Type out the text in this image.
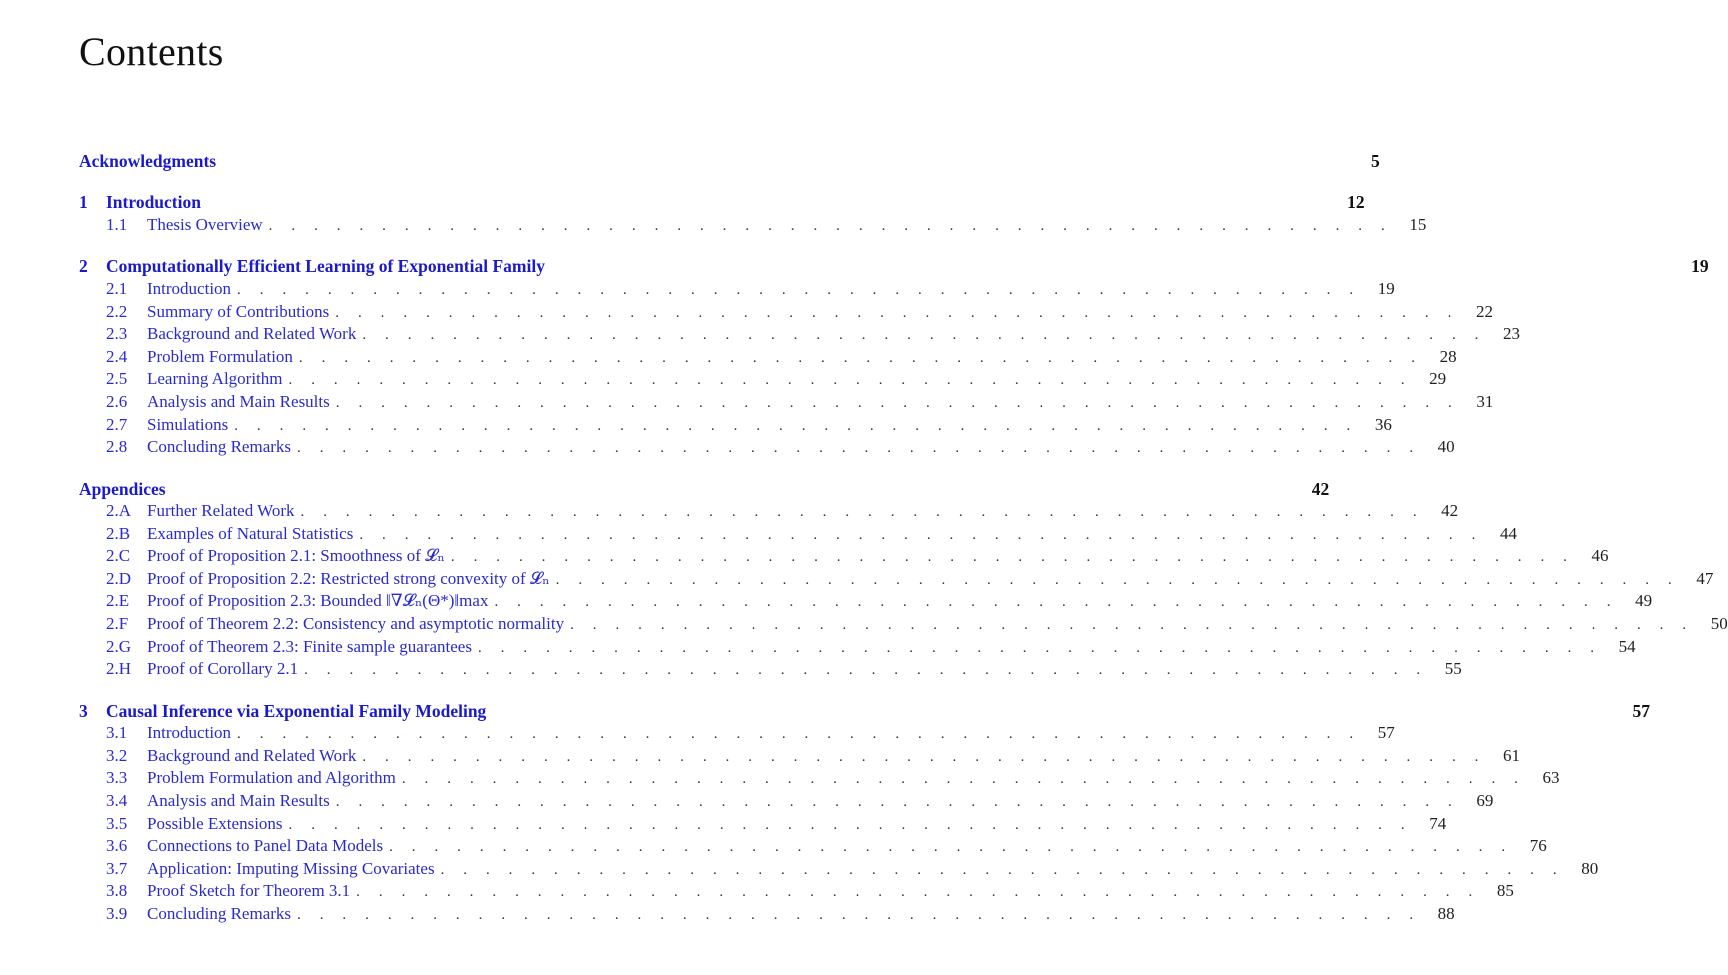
Contents
Acknowledgments	5
1	Introduction	12
1.1	Thesis Overview . . . . . . . . . . . . . . . . . . . . . . . . . . . . . . . . . . . . . . . . . . . . . . . . . .	15
2	Computationally Efficient Learning of Exponential Family	19
2.1	Introduction . . . . . . . . . . . . . . . . . . . . . . . . . . . . . . . . . . . . . . . . . . . . . . . . . .	19
2.2	Summary of Contributions . . . . . . . . . . . . . . . . . . . . . . . . . . . . . . . . . . . . . . . . . . . . . . . . . .	22
2.3	Background and Related Work . . . . . . . . . . . . . . . . . . . . . . . . . . . . . . . . . . . . . . . . . . . . . . . . . .	23
2.4	Problem Formulation . . . . . . . . . . . . . . . . . . . . . . . . . . . . . . . . . . . . . . . . . . . . . . . . . .	28
2.5	Learning Algorithm . . . . . . . . . . . . . . . . . . . . . . . . . . . . . . . . . . . . . . . . . . . . . . . . . .	29
2.6	Analysis and Main Results . . . . . . . . . . . . . . . . . . . . . . . . . . . . . . . . . . . . . . . . . . . . . . . . . .	31
2.7	Simulations . . . . . . . . . . . . . . . . . . . . . . . . . . . . . . . . . . . . . . . . . . . . . . . . . .	36
2.8	Concluding Remarks . . . . . . . . . . . . . . . . . . . . . . . . . . . . . . . . . . . . . . . . . . . . . . . . . .	40
Appendices	42
2.A Further Related Work . . . . . . . . . . . . . . . . . . . . . . . . . . . . . . . . . . . . . . . . . . . . . . . . . .	42
2.B Examples of Natural Statistics . . . . . . . . . . . . . . . . . . . . . . . . . . . . . . . . . . . . . . . . . . . . . . . . . .	44
2.C Proof of Proposition 2.1: Smoothness of 𝓛ₙ . . . . . . . . . . . . . . . . . . . . . . . . . . . . . . . . . . . . . . . . . . . . . . . . . .	46
2.D Proof of Proposition 2.2: Restricted strong convexity of 𝓛ₙ . . . . . . . . . . . . . . . . . . . . . . . . . . . . . . . . . . . . . . . . . . . . . . . . . .	47
2.E	Proof of Proposition 2.3: Bounded ‖∇𝓛ₙ(Θ*)‖max . . . . . . . . . . . . . . . . . . . . . . . . . . . . . . . . . . . . . . . . . . . . . . . . . .	49
2.F	Proof of Theorem 2.2: Consistency and asymptotic normality . . . . . . . . . . . . . . . . . . . . . . . . . . . . . . . . . . . . . . . . . . . . . . . . . .	50
2.G Proof of Theorem 2.3: Finite sample guarantees . . . . . . . . . . . . . . . . . . . . . . . . . . . . . . . . . . . . . . . . . . . . . . . . . .	54
2.H Proof of Corollary 2.1 . . . . . . . . . . . . . . . . . . . . . . . . . . . . . . . . . . . . . . . . . . . . . . . . . .	55
3	Causal Inference via Exponential Family Modeling	57
3.1	Introduction . . . . . . . . . . . . . . . . . . . . . . . . . . . . . . . . . . . . . . . . . . . . . . . . . .	57
3.2	Background and Related Work . . . . . . . . . . . . . . . . . . . . . . . . . . . . . . . . . . . . . . . . . . . . . . . . . .	61
3.3	Problem Formulation and Algorithm . . . . . . . . . . . . . . . . . . . . . . . . . . . . . . . . . . . . . . . . . . . . . . . . . .	63
3.4	Analysis and Main Results . . . . . . . . . . . . . . . . . . . . . . . . . . . . . . . . . . . . . . . . . . . . . . . . . .	69
3.5	Possible Extensions . . . . . . . . . . . . . . . . . . . . . . . . . . . . . . . . . . . . . . . . . . . . . . . . . .	74
3.6	Connections to Panel Data Models . . . . . . . . . . . . . . . . . . . . . . . . . . . . . . . . . . . . . . . . . . . . . . . . . .	76
3.7	Application: Imputing Missing Covariates . . . . . . . . . . . . . . . . . . . . . . . . . . . . . . . . . . . . . . . . . . . . . . . . . .	80
3.8	Proof Sketch for Theorem 3.1 . . . . . . . . . . . . . . . . . . . . . . . . . . . . . . . . . . . . . . . . . . . . . . . . . .	85
3.9	Concluding Remarks . . . . . . . . . . . . . . . . . . . . . . . . . . . . . . . . . . . . . . . . . . . . . . . . . .	88
